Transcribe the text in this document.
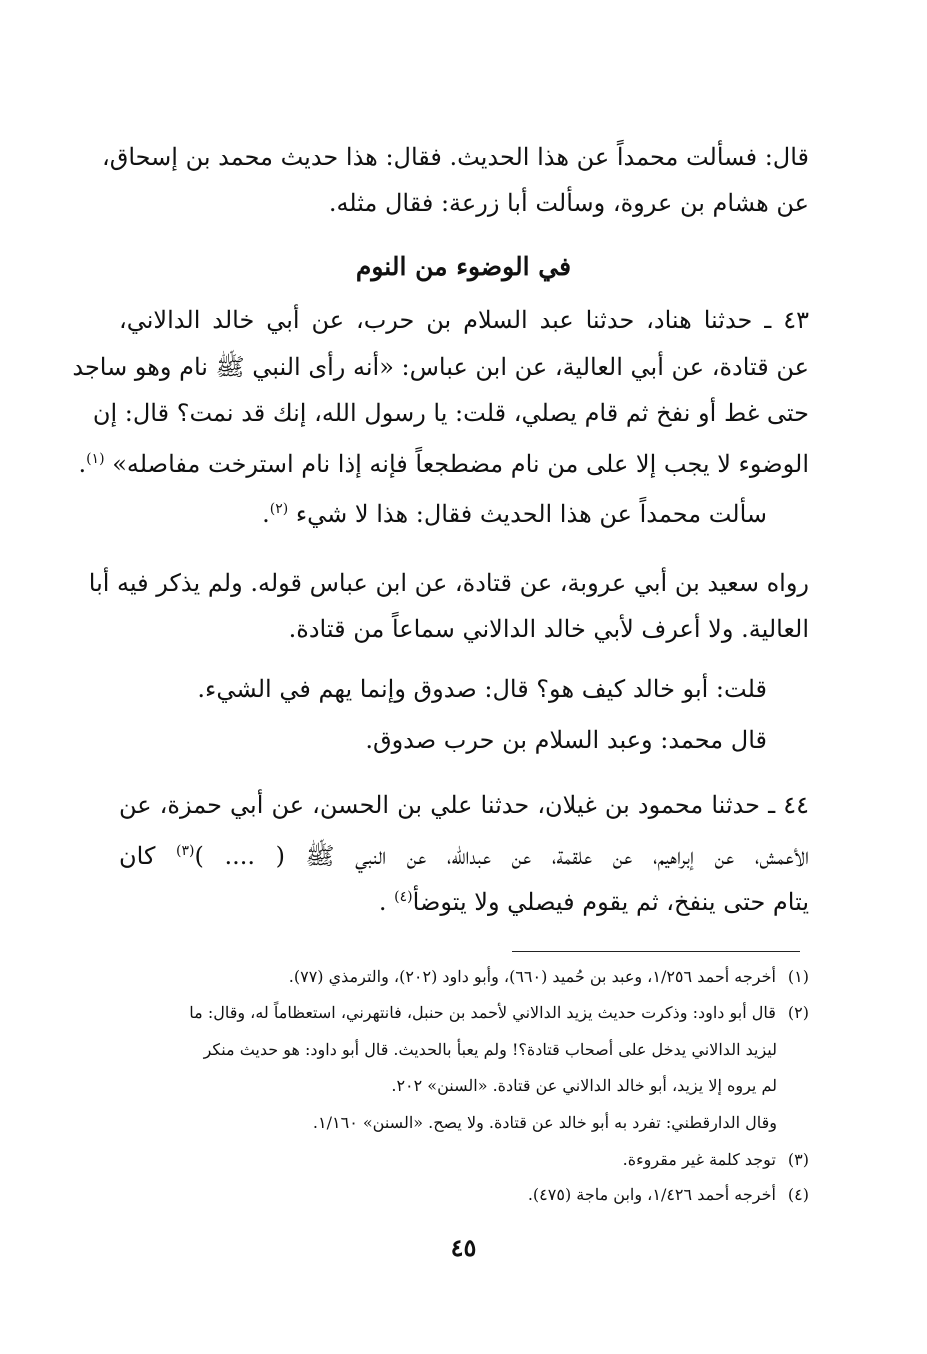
قال: فسألت محمداً عن هذا الحديث. فقال: هذا حديث محمد بن إسحاق،
عن هشام بن عروة، وسألت أبا زرعة: فقال مثله.
في الوضوء من النوم
٤٣ ـ حدثنا هناد، حدثنا عبد السلام بن حرب، عن أبي خالد الدالاني،
عن قتادة، عن أبي العالية، عن ابن عباس: «أنه رأى النبي ﷺ نام وهو ساجد
حتى غط أو نفخ ثم قام يصلي، قلت: يا رسول الله، إنك قد نمت؟ قال: إن
الوضوء لا يجب إلا على من نام مضطجعاً فإنه إذا نام استرخت مفاصله» $^{(١)}$.
سألت محمداً عن هذا الحديث فقال: هذا لا شيء $^{(٢)}$.
رواه سعيد بن أبي عروبة، عن قتادة، عن ابن عباس قوله. ولم يذكر فيه أبا
العالية. ولا أعرف لأبي خالد الدالاني سماعاً من قتادة.
قلت: أبو خالد كيف هو؟ قال: صدوق وإنما يهم في الشيء.
قال محمد: وعبد السلام بن حرب صدوق.
٤٤ ـ حدثنا محمود بن غيلان، حدثنا علي بن الحسن، عن أبي حمزة، عن
الأعمش، عن إبراهيم، عن علقمة، عن عبدالله، عن النبي ﷺ ( .... )$^{(٣)}$ كان
يتام حتى ينفخ، ثم يقوم فيصلي ولا يتوضأ$^{(٤)}$ .
(١)أخرجه أحمد ١/٢٥٦، وعبد بن حُميد (٦٦٠)، وأبو داود (٢٠٢)، والترمذي (٧٧).
(٢)قال أبو داود: وذكرت حديث يزيد الدالاني لأحمد بن حنبل، فانتهرني، استعظاماً له، وقال: ما
ليزيد الدالاني يدخل على أصحاب قتادة؟! ولم يعبأ بالحديث. قال أبو داود: هو حديث منكر
لم يروه إلا يزيد، أبو خالد الدالاني عن قتادة. «السنن» ٢٠٢.
وقال الدارقطني: تفرد به أبو خالد عن قتادة. ولا يصح. «السنن» ١/١٦٠.
(٣)توجد كلمة غير مقروءة.
(٤)أخرجه أحمد ١/٤٢٦، وابن ماجة (٤٧٥).
٤٥
